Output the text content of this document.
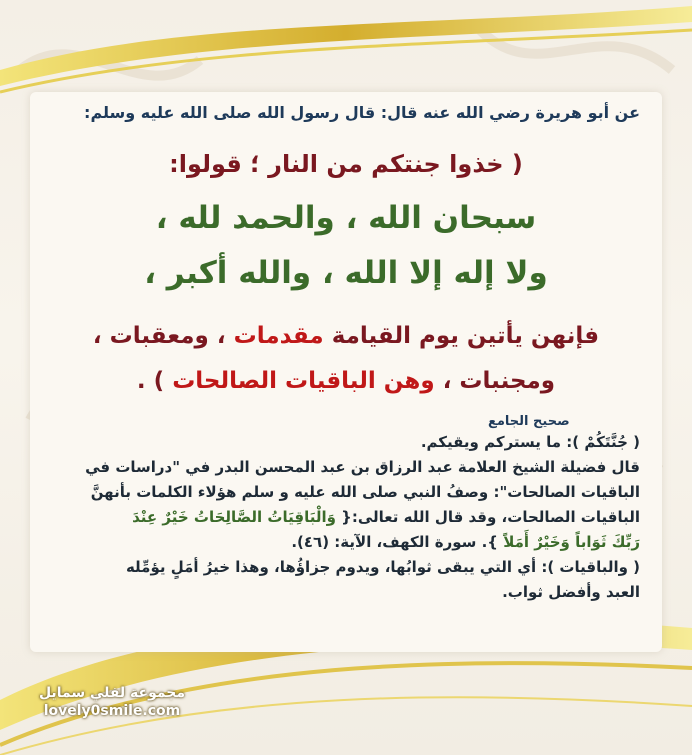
عن أبو هريرة رضي الله عنه قال: قال رسول الله صلى الله عليه وسلم:
( خذوا جنتكم من النار ؛ قولوا:
سبحان الله ، والحمد لله ،
ولا إله إلا الله ، والله أكبر ،
فإنهن يأتين يوم القيامة مقدمات ، ومعقبات ،
ومجنبات ، وهن الباقيات الصالحات ) .
صحيح الجامع
( جُنَّتَكُمْ ): ما يستركم ويقيكم.
قال فضيلة الشيخ العلامة عبد الرزاق بن عبد المحسن البدر في "دراسات في
الباقيات الصالحات": وصفُ النبي صلى الله عليه و سلم هؤلاء الكلمات بأنهنَّ
الباقيات الصالحات، وقد قال الله تعالى:{ وَالْبَاقِيَاتُ الصَّالِحَاتُ خَيْرٌ عِنْدَ
رَبِّكَ ثَوَاباً وَخَيْرٌ أَمَلاً }. سورة الكهف، الآية: (٤٦).
( والباقيات ): أي التي يبقى ثوابُها، ويدوم جزاؤُها، وهذا خيرُ أمَلٍ يؤمِّله
العبد وأفضل ثواب.
مجموعة لفلي سمايل
lovely0smile.com
